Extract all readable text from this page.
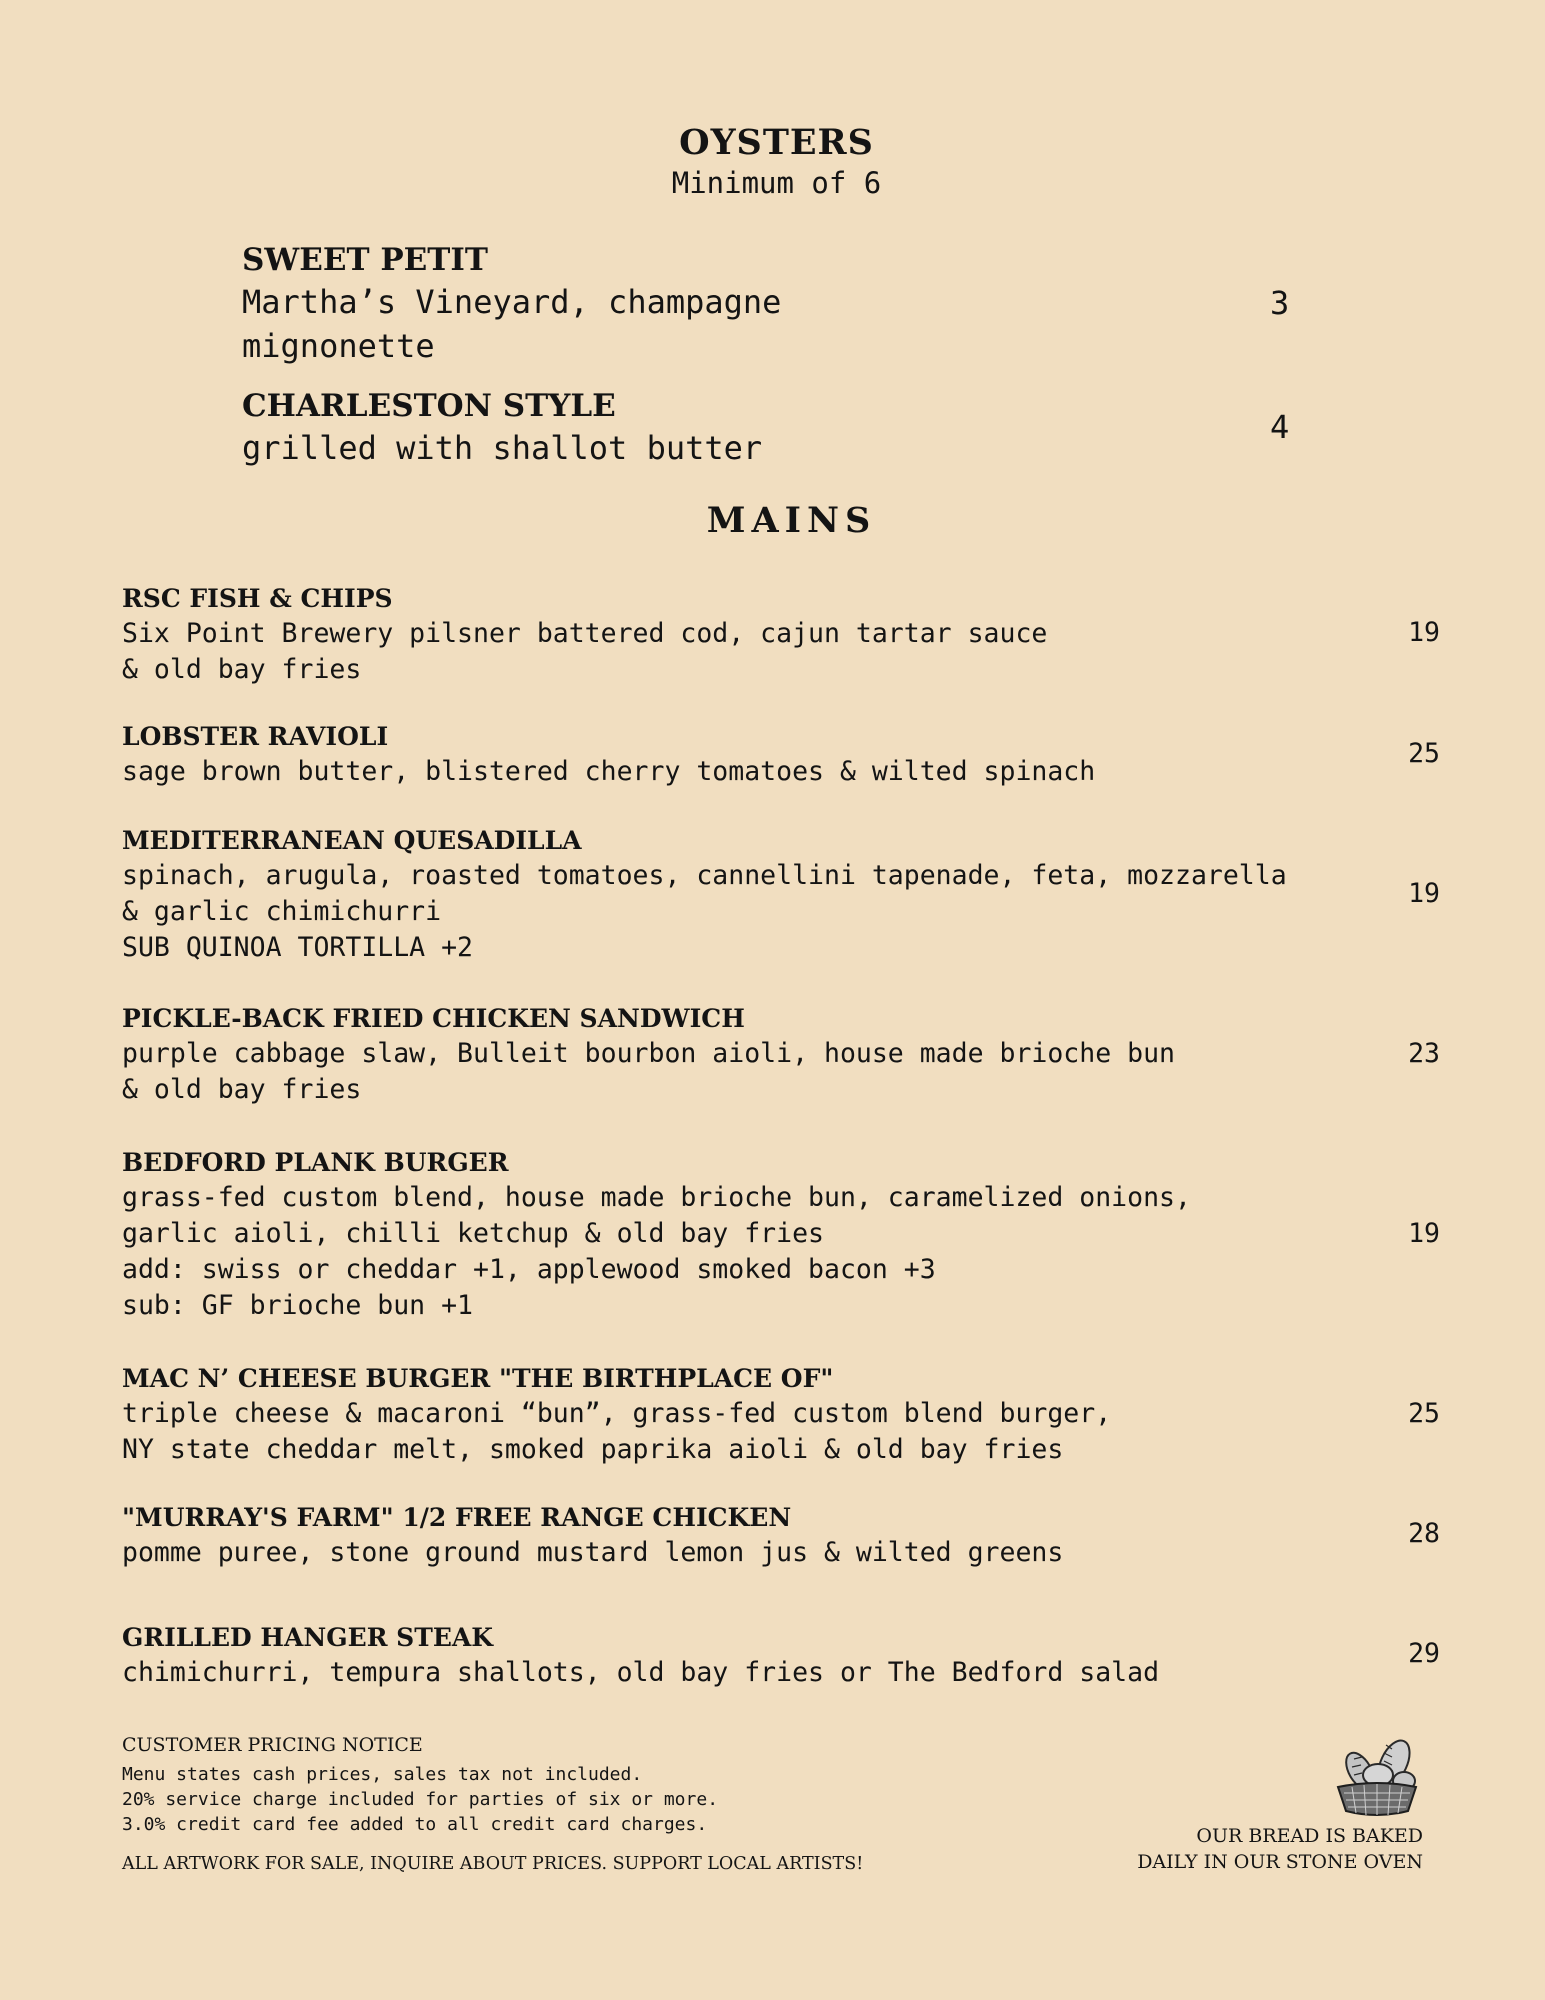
OYSTERS
Minimum of 6
SWEET PETIT
Martha’s Vineyard, champagne
mignonette
3
CHARLESTON STYLE
grilled with shallot butter
4
MAINS
RSC FISH & CHIPS
Six Point Brewery pilsner battered cod, cajun tartar sauce
& old bay fries
19
LOBSTER RAVIOLI
sage brown butter, blistered cherry tomatoes & wilted spinach
25
MEDITERRANEAN QUESADILLA
spinach, arugula, roasted tomatoes, cannellini tapenade, feta, mozzarella
& garlic chimichurri
SUB QUINOA TORTILLA +2
19
PICKLE-BACK FRIED CHICKEN SANDWICH
purple cabbage slaw, Bulleit bourbon aioli, house made brioche bun
& old bay fries
23
BEDFORD PLANK BURGER
grass-fed custom blend, house made brioche bun, caramelized onions,
garlic aioli, chilli ketchup & old bay fries
add: swiss or cheddar +1, applewood smoked bacon +3
sub: GF brioche bun +1
19
MAC N’ CHEESE BURGER "THE BIRTHPLACE OF"
triple cheese & macaroni “bun”, grass-fed custom blend burger,
NY state cheddar melt, smoked paprika aioli & old bay fries
25
"MURRAY'S FARM" 1/2 FREE RANGE CHICKEN
pomme puree, stone ground mustard lemon jus & wilted greens
28
GRILLED HANGER STEAK
chimichurri, tempura shallots, old bay fries or The Bedford salad
29
CUSTOMER PRICING NOTICE
Menu states cash prices, sales tax not included.
20% service charge included for parties of six or more.
3.0% credit card fee added to all credit card charges.
ALL ARTWORK FOR SALE, INQUIRE ABOUT PRICES. SUPPORT LOCAL ARTISTS!
OUR BREAD IS BAKED
DAILY IN OUR STONE OVEN
